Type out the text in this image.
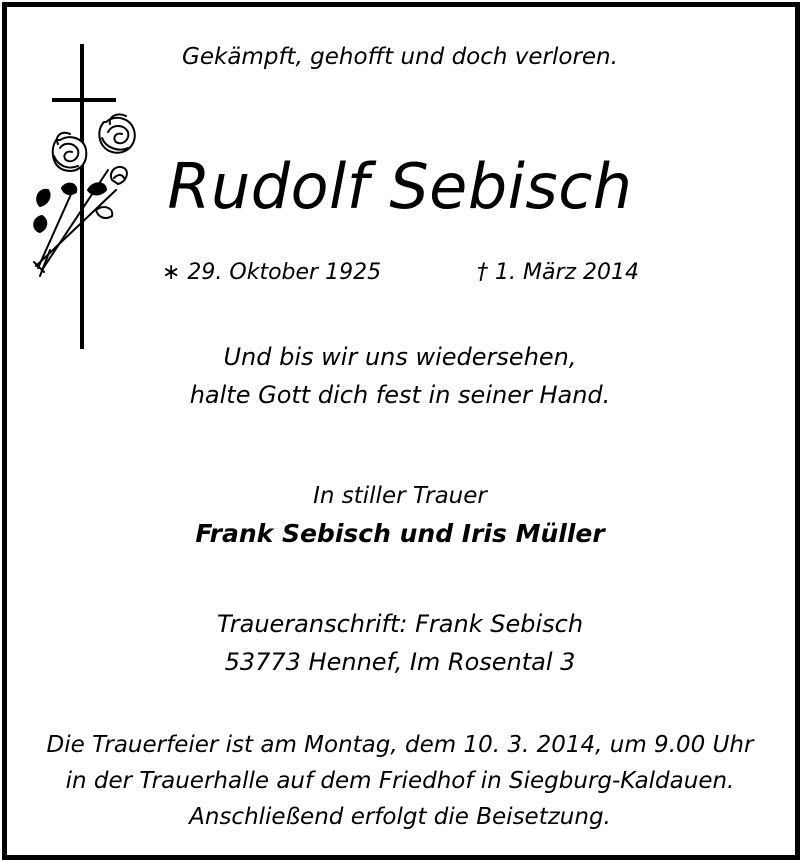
Gekämpft, gehofft und doch verloren.
Rudolf Sebisch
∗ 29. Oktober 1925	† 1. März 2014
Und bis wir uns wiedersehen,
halte Gott dich fest in seiner Hand.
In stiller Trauer
Frank Sebisch und Iris Müller
Traueranschrift: Frank Sebisch
53773 Hennef, Im Rosental 3
Die Trauerfeier ist am Montag, dem 10. 3. 2014, um 9.00 Uhr
in der Trauerhalle auf dem Friedhof in Siegburg-Kaldauen.
Anschließend erfolgt die Beisetzung.
